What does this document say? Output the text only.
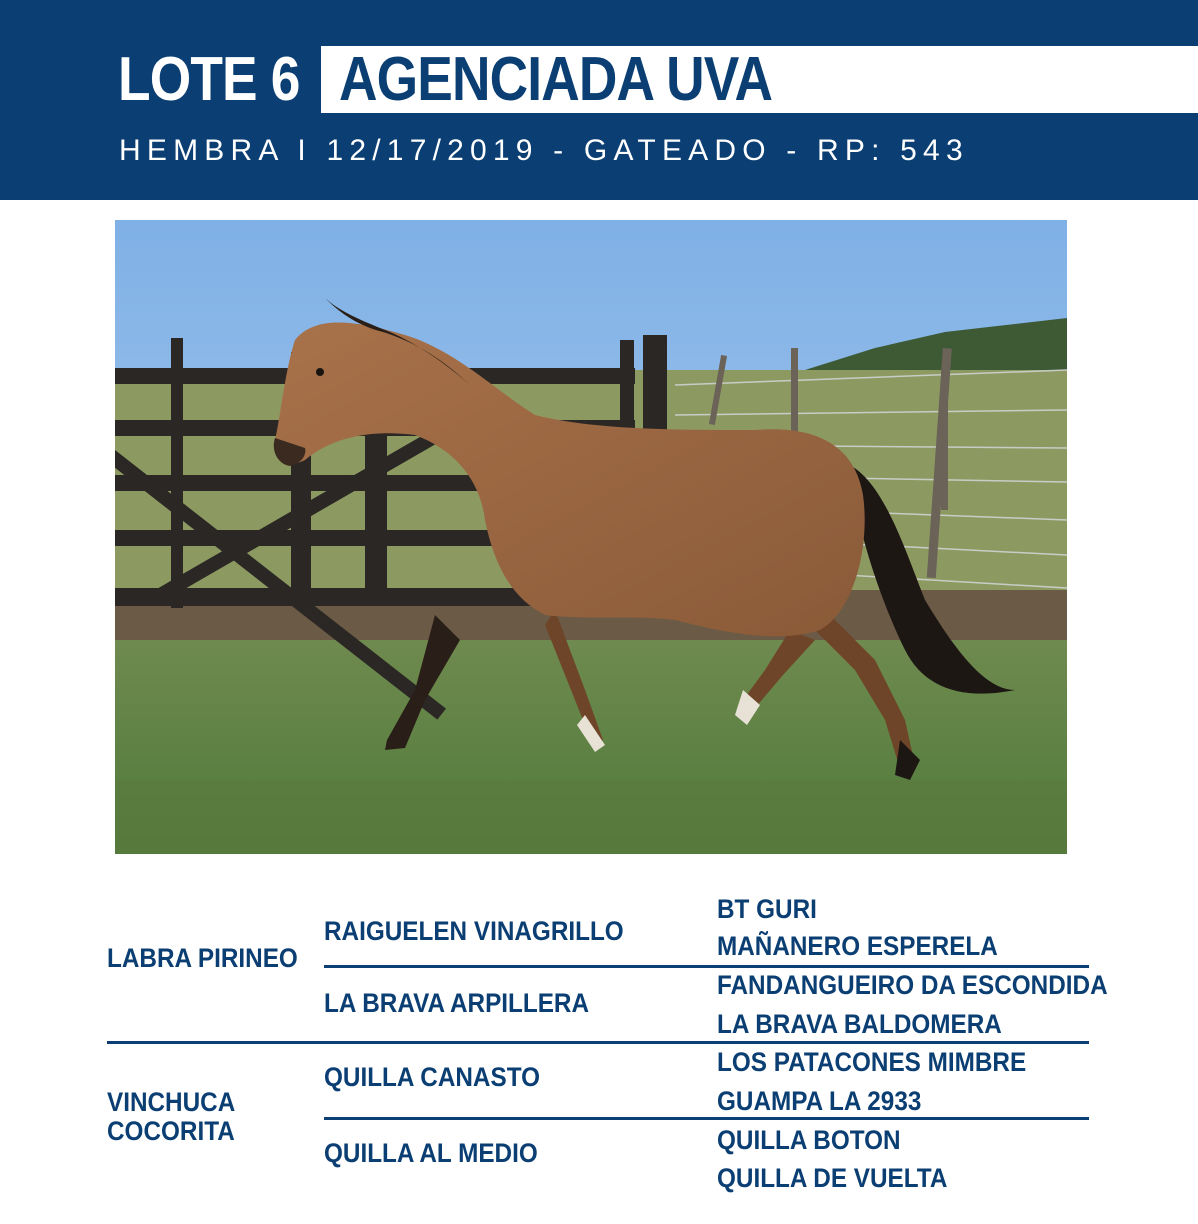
LOTE 6 AGENCIADA UVA
HEMBRA I 12/17/2019 - GATEADO - RP: 543
LABRA PIRINEO
VINCHUCA COCORITA
RAIGUELEN VINAGRILLO
LA BRAVA ARPILLERA
QUILLA CANASTO
QUILLA AL MEDIO
BT GURI
MAÑANERO ESPERELA
FANDANGUEIRO DA ESCONDIDA
LA BRAVA BALDOMERA
LOS PATACONES MIMBRE
GUAMPA LA 2933
QUILLA BOTON
QUILLA DE VUELTA
